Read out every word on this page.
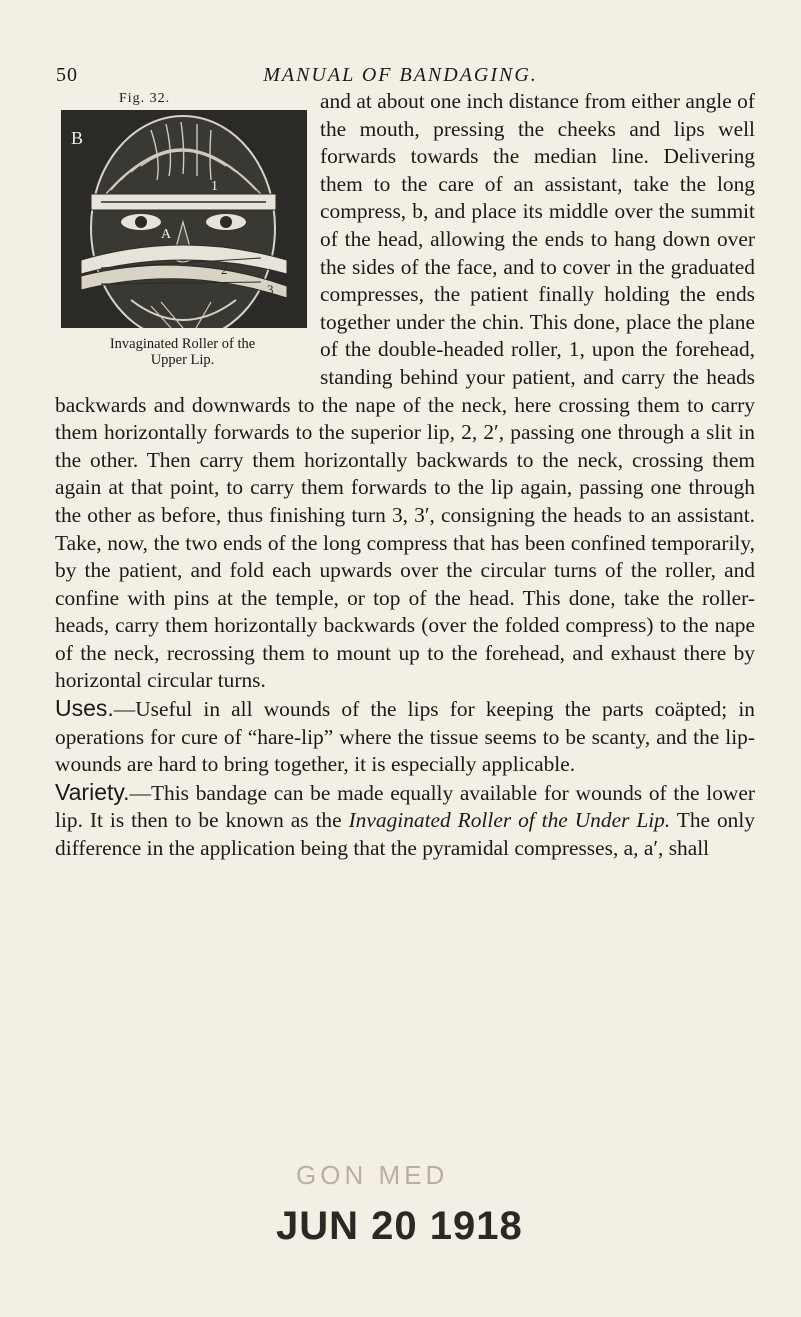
50	MANUAL OF BANDAGING.
Fig. 32.
B
A
1
2
3
Invaginated Roller of the
Upper Lip.

and at about one inch distance from either angle of the mouth, pressing the cheeks and lips well forwards towards the median line. Delivering them to the care of an assistant, take the long compress, b, and place its middle over the summit of the head, allowing the ends to hang down over the sides of the face, and to cover in the graduated compresses, the patient finally holding the ends together under the chin. This done, place the plane of the double-headed roller, 1, upon the forehead, standing behind your patient, and carry the heads backwards and downwards to the nape of the neck, here crossing them to carry them horizontally forwards to the superior lip, 2, 2′, passing one through a slit in the other. Then carry them horizontally backwards to the neck, crossing them again at that point, to carry them forwards to the lip again, passing one through the other as before, thus finishing turn 3, 3′, consigning the heads to an assistant. Take, now, the two ends of the long compress that has been confined temporarily, by the patient, and fold each upwards over the circular turns of the roller, and confine with pins at the temple, or top of the head. This done, take the roller-heads, carry them horizontally backwards (over the folded compress) to the nape of the neck, recrossing them to mount up to the forehead, and exhaust there by horizontal circular turns.

Uses.—Useful in all wounds of the lips for keeping the parts coäpted; in operations for cure of “hare-lip” where the tissue seems to be scanty, and the lip-wounds are hard to bring together, it is especially applicable.

Variety.—This bandage can be made equally available for wounds of the lower lip. It is then to be known as the Invaginated Roller of the Under Lip. The only difference in the application being that the pyramidal compresses, a, a′, shall

GON MED
JUN 20 1918
